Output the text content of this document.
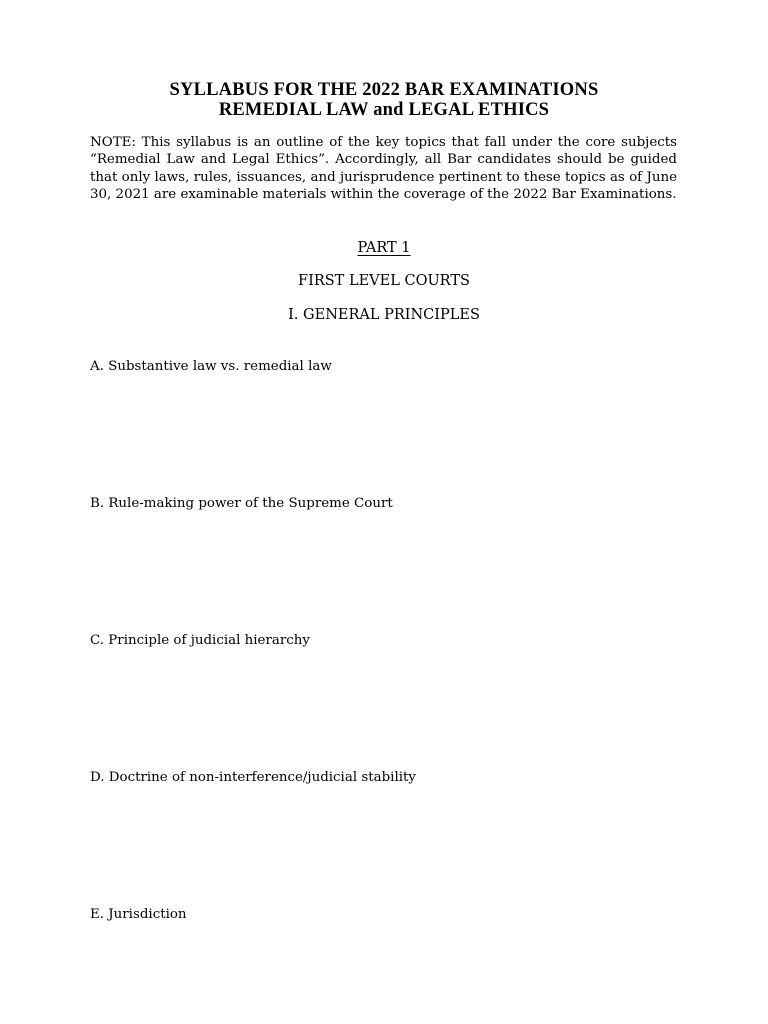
SYLLABUS FOR THE 2022 BAR EXAMINATIONS
REMEDIAL LAW and LEGAL ETHICS

NOTE: This syllabus is an outline of the key topics that fall under the core subjects “Remedial Law and Legal Ethics”. Accordingly, all Bar candidates should be guided that only laws, rules, issuances, and jurisprudence pertinent to these topics as of June 30, 2021 are examinable materials within the coverage of the 2022 Bar Examinations.

PART 1
FIRST LEVEL COURTS
I. GENERAL PRINCIPLES
A. Substantive law vs. remedial law
B. Rule-making power of the Supreme Court
C. Principle of judicial hierarchy
D. Doctrine of non-interference/judicial stability
E. Jurisdiction
